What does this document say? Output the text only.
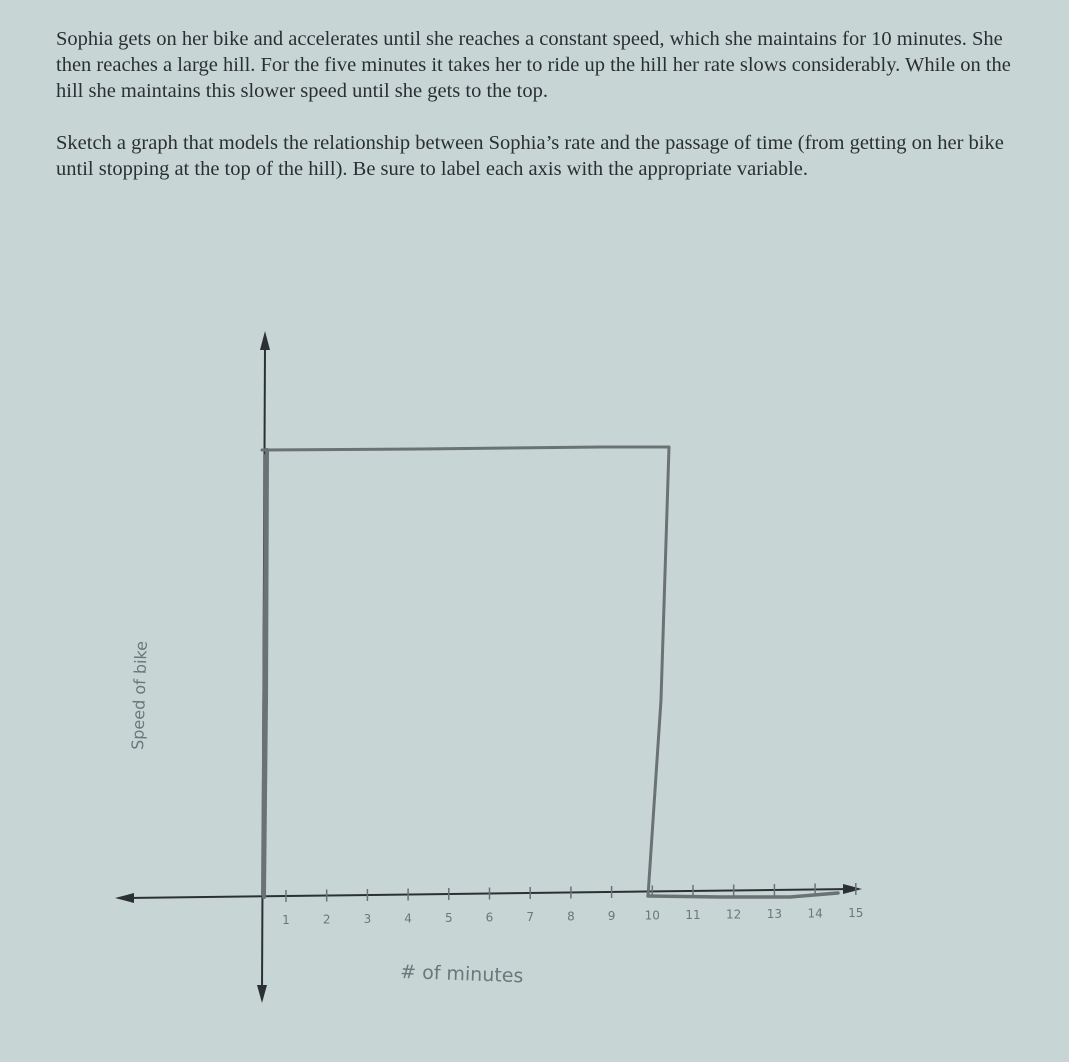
Sophia gets on her bike and accelerates until she reaches a constant speed, which she maintains for 10 minutes. She then reaches a large hill. For the five minutes it takes her to ride up the hill her rate slows considerably. While on the hill she maintains this slower speed until she gets to the top.

Sketch a graph that models the relationship between Sophia’s rate and the passage of time (from getting on her bike until stopping at the top of the hill). Be sure to label each axis with the appropriate variable.

1	2	3	4	5	6	7	8	9 10 11 12 13 14 15
# of minutes
Speed of bike
